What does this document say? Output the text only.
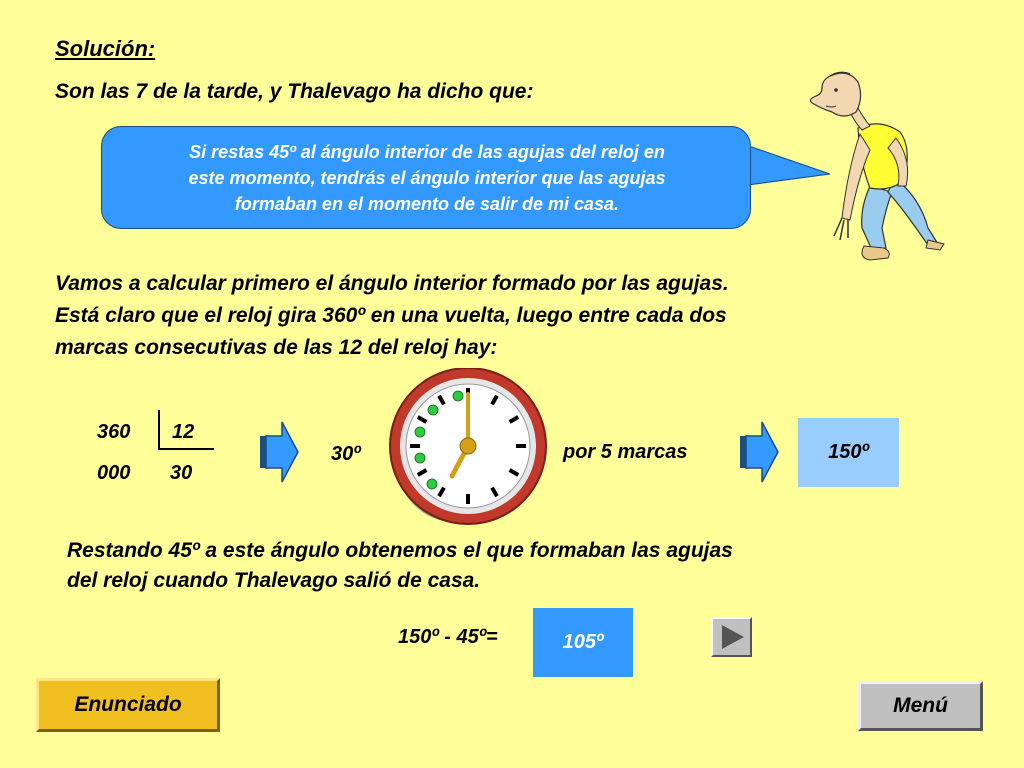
Solución:
Son las 7 de la tarde, y Thalevago ha dicho que:
Si restas 45º al ángulo interior de las agujas del reloj en
este momento, tendrás el ángulo interior que las agujas
formaban en el momento de salir de mi casa.
Vamos a calcular primero el ángulo interior formado por las agujas.
Está claro que el reloj gira 360º en una vuelta, luego entre cada dos
marcas consecutivas de las 12 del reloj hay:
360 12
000 30
30º	por 5 marcas	150º
Restando 45º a este ángulo obtenemos el que formaban las agujas
del reloj cuando Thalevago salió de casa.
150º - 45º=	105º
Enunciado	Menú
